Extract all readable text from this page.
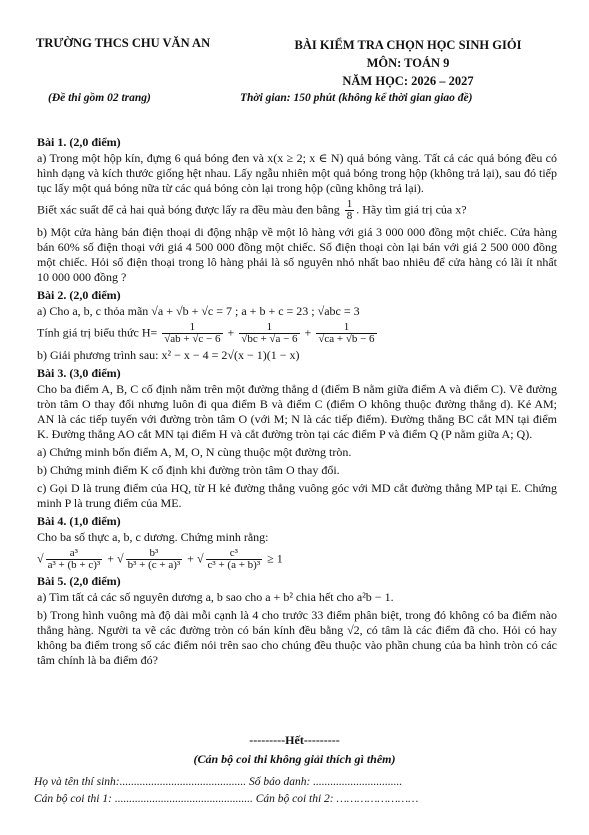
TRƯỜNG THCS CHU VĂN AN	BÀI KIỂM TRA CHỌN HỌC SINH GIỎI
MÔN: TOÁN 9
NĂM HỌC: 2026 – 2027
(Đề thi gồm 02 trang)	Thời gian: 150 phút (không kể thời gian giao đề)

Bài 1. (2,0 điểm)

a) Trong một hộp kín, đựng 6 quả bóng đen và x(x ≥ 2; x ∈ N) quả bóng vàng. Tất cả các quả bóng đều có hình dạng và kích thước giống hệt nhau. Lấy ngẫu nhiên một quả bóng trong hộp (không trả lại), sau đó tiếp tục lấy một quả bóng nữa từ các quả bóng còn lại trong hộp (cũng không trả lại).

Biết xác suất để cả hai quả bóng được lấy ra đều màu đen bằng $\frac{1}{8}$ . Hãy tìm giá trị của x?

b) Một cửa hàng bán điện thoại di động nhập về một lô hàng với giá 3 000 000 đồng một chiếc. Cửa hàng bán 60% số điện thoại với giá 4 500 000 đồng một chiếc. Số điện thoại còn lại bán với giá 2 500 000 đồng một chiếc. Hỏi số điện thoại trong lô hàng phải là số nguyên nhỏ nhất bao nhiêu để cửa hàng có lãi ít nhất 10 000 000 đồng ?

Bài 2. (2,0 điểm)

a) Cho a, b, c thỏa mãn √a + √b + √c = 7 ; a + b + c = 23 ; √abc = 3

Tính giá trị biểu thức $H= \frac{1}{√ab + √c - 6} + \frac{1}{√bc + √a - 6} + \frac{1}{√ca + √b - 6}$

b) Giải phương trình sau: x² − x − 4 = 2√(x − 1)(1 − x)

Bài 3. (3,0 điểm)

Cho ba điểm A, B, C cố định nằm trên một đường thẳng d (điểm B nằm giữa điểm A và điểm C). Vẽ đường tròn tâm O thay đổi nhưng luôn đi qua điểm B và điểm C (điểm O không thuộc đường thẳng d). Kẻ AM; AN là các tiếp tuyến với đường tròn tâm O (với M; N là các tiếp điểm). Đường thẳng BC cắt MN tại điểm K. Đường thẳng AO cắt MN tại điểm H và cắt đường tròn tại các điểm P và điểm Q (P nằm giữa A; Q).

a) Chứng minh bốn điểm A, M, O, N cùng thuộc một đường tròn.

b) Chứng minh điểm K cố định khi đường tròn tâm O thay đổi.

c) Gọi D là trung điểm của HQ, từ H kẻ đường thẳng vuông góc với MD cắt đường thẳng MP tại E. Chứng minh P là trung điểm của ME.

Bài 4. (1,0 điểm)

Cho ba số thực a, b, c dương. Chứng minh rằng:

√ $\frac{\text{a³}}{\text{a³ + (b + c)³}}$ + √ $\frac{\text{b³}}{\text{b³ + (c + a)³}}$ + √ $\frac{\text{c³}}{\text{c³ + (a + b)³}} \ge 1$

Bài 5. (2,0 điểm)

a) Tìm tất cả các số nguyên dương a, b sao cho a + b² chia hết cho a²b − 1.

b) Trong hình vuông mà độ dài mỗi cạnh là 4 cho trước 33 điểm phân biệt, trong đó không có ba điểm nào thẳng hàng. Người ta vẽ các đường tròn có bán kính đều bằng √2, có tâm là các điểm đã cho. Hỏi có hay không ba điểm trong số các điểm nói trên sao cho chúng đều thuộc vào phần chung của ba hình tròn có các tâm chính là ba điểm đó?

---------Hết---------
(Cán bộ coi thi không giải thích gì thêm)
Họ và tên thí sinh:............................................ Số báo danh: ...............................
Cán bộ coi thi 1: ................................................ Cán bộ coi thi 2: ……………………
